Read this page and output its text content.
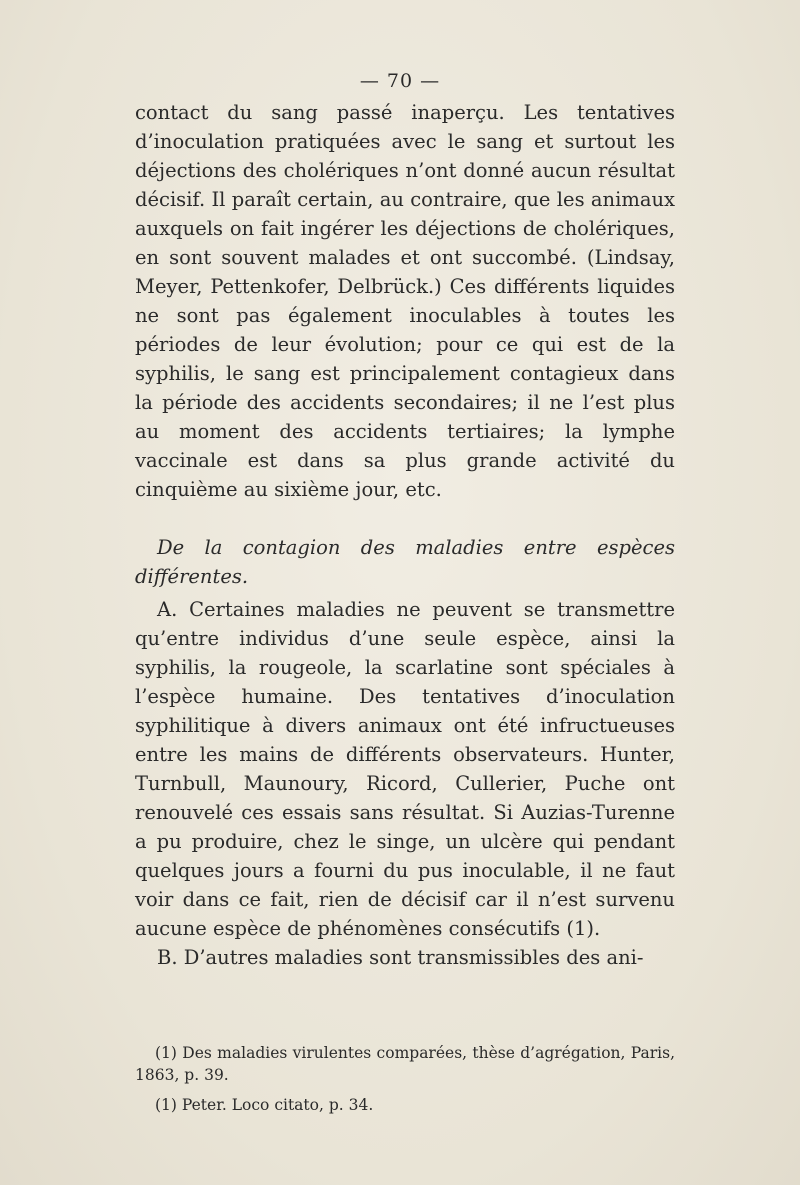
— 70 —

contact du sang passé inaperçu. Les tentatives d’inoculation pratiquées avec le sang et surtout les déjections des cholériques n’ont donné aucun résultat décisif. Il paraît certain, au contraire, que les animaux auxquels on fait ingérer les déjections de cholériques, en sont souvent malades et ont succombé. (Lindsay, Meyer, Pettenkofer, Delbrück.) Ces différents liquides ne sont pas également inoculables à toutes les périodes de leur évolution; pour ce qui est de la syphilis, le sang est principalement contagieux dans la période des accidents secondaires; il ne l’est plus au moment des accidents tertiaires; la lymphe vaccinale est dans sa plus grande activité du cinquième au sixième jour, etc.

De la contagion des maladies entre espèces différentes.

A. Certaines maladies ne peuvent se transmettre qu’entre individus d’une seule espèce, ainsi la syphilis, la rougeole, la scarlatine sont spéciales à l’espèce humaine. Des tentatives d’inoculation syphilitique à divers animaux ont été infructueuses entre les mains de différents observateurs. Hunter, Turnbull, Maunoury, Ricord, Cullerier, Puche ont renouvelé ces essais sans résultat. Si Auzias-Turenne a pu produire, chez le singe, un ulcère qui pendant quelques jours a fourni du pus inoculable, il ne faut voir dans ce fait, rien de décisif car il n’est survenu aucune espèce de phénomènes consécutifs (1).

B. D’autres maladies sont transmissibles des ani-

(1) Des maladies virulentes comparées, thèse d’agrégation, Paris, 1863, p. 39.

(1) Peter. Loco citato, p. 34.
